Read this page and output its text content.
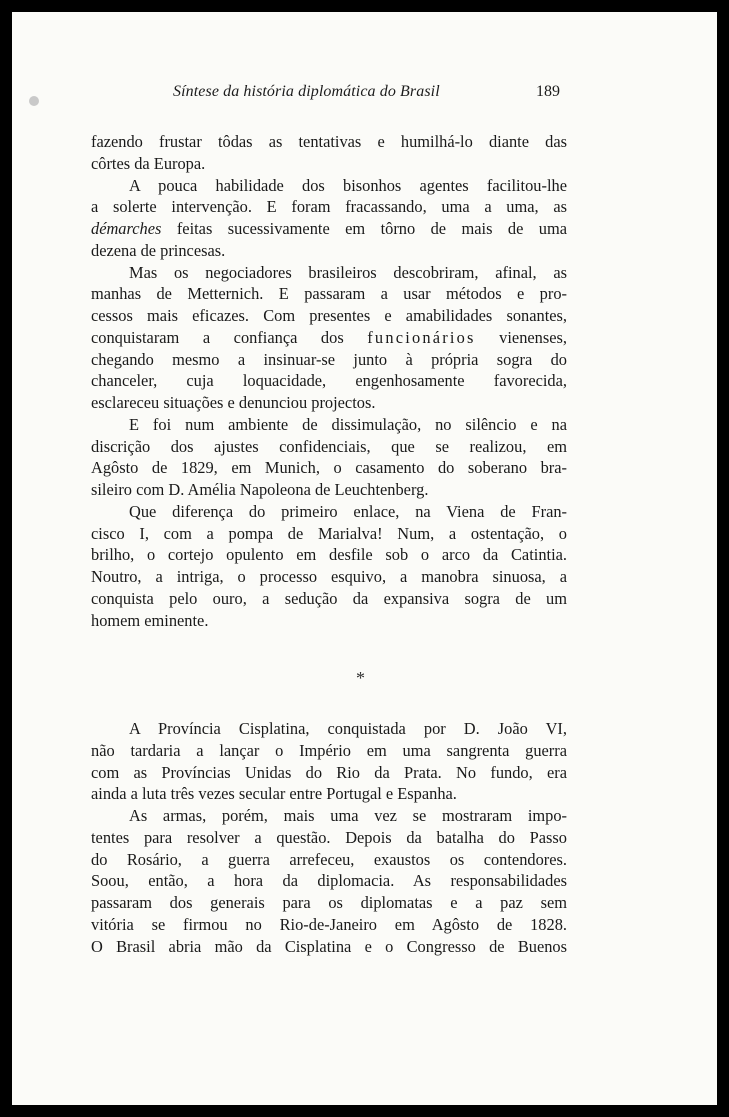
Síntese da história diplomática do Brasil	189

fazendo frustar tôdas as tentativas e humilhá-lo diante das
côrtes da Europa.

A pouca habilidade dos bisonhos agentes facilitou-lhe
a solerte intervenção. E foram fracassando, uma a uma, as
démarches feitas sucessivamente em tôrno de mais de uma
dezena de princesas.

Mas os negociadores brasileiros descobriram, afinal, as
manhas de Metternich. E passaram a usar métodos e pro-
cessos mais eficazes. Com presentes e amabilidades sonantes,
conquistaram a confiança dos funcionários vienenses,
chegando mesmo a insinuar-se junto à própria sogra do
chanceler, cuja loquacidade, engenhosamente favorecida,
esclareceu situações e denunciou projectos.

E foi num ambiente de dissimulação, no silêncio e na
discrição dos ajustes confidenciais, que se realizou, em
Agôsto de 1829, em Munich, o casamento do soberano bra-
sileiro com D. Amélia Napoleona de Leuchtenberg.

Que diferença do primeiro enlace, na Viena de Fran-
cisco I, com a pompa de Marialva! Num, a ostentação, o
brilho, o cortejo opulento em desfile sob o arco da Catintia.
Noutro, a intriga, o processo esquivo, a manobra sinuosa, a
conquista pelo ouro, a sedução da expansiva sogra de um
homem eminente.

*

A Província Cisplatina, conquistada por D. João VI,
não tardaria a lançar o Império em uma sangrenta guerra
com as Províncias Unidas do Rio da Prata. No fundo, era
ainda a luta três vezes secular entre Portugal e Espanha.

As armas, porém, mais uma vez se mostraram impo-
tentes para resolver a questão. Depois da batalha do Passo
do Rosário, a guerra arrefeceu, exaustos os contendores.
Soou, então, a hora da diplomacia. As responsabilidades
passaram dos generais para os diplomatas e a paz sem
vitória se firmou no Rio-de-Janeiro em Agôsto de 1828.
O Brasil abria mão da Cisplatina e o Congresso de Buenos
